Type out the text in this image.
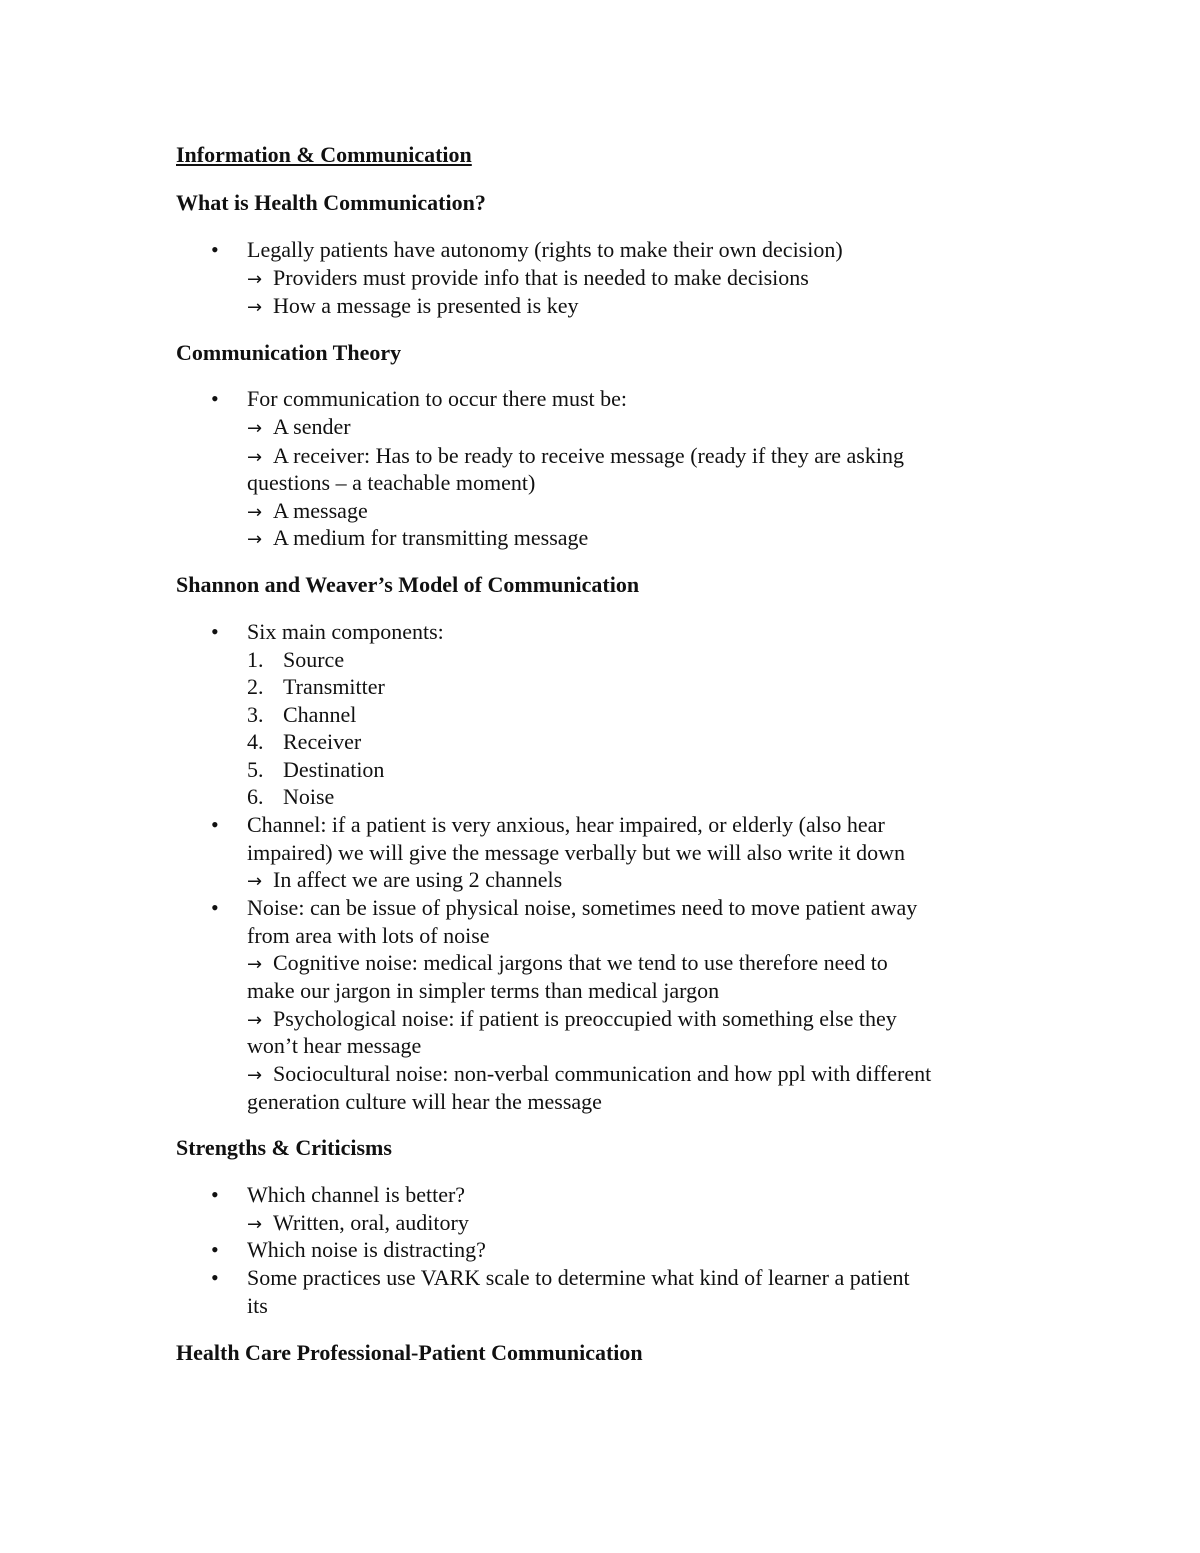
Information & Communication
What is Health Communication?
• Legally patients have autonomy (rights to make their own decision)
→ Providers must provide info that is needed to make decisions
→ How a message is presented is key
Communication Theory
• For communication to occur there must be:
→ A sender
→ A receiver: Has to be ready to receive message (ready if they are asking
questions – a teachable moment)
→ A message
→ A medium for transmitting message
Shannon and Weaver’s Model of Communication
• Six main components:
1. Source
2. Transmitter
3. Channel
4. Receiver
5. Destination
6. Noise
• Channel: if a patient is very anxious, hear impaired, or elderly (also hear
impaired) we will give the message verbally but we will also write it down
→ In affect we are using 2 channels
• Noise: can be issue of physical noise, sometimes need to move patient away
from area with lots of noise
→ Cognitive noise: medical jargons that we tend to use therefore need to
make our jargon in simpler terms than medical jargon
→ Psychological noise: if patient is preoccupied with something else they
won’t hear message
→ Sociocultural noise: non-verbal communication and how ppl with different
generation culture will hear the message
Strengths & Criticisms
• Which channel is better?
→ Written, oral, auditory
• Which noise is distracting?
• Some practices use VARK scale to determine what kind of learner a patient
its
Health Care Professional-Patient Communication
